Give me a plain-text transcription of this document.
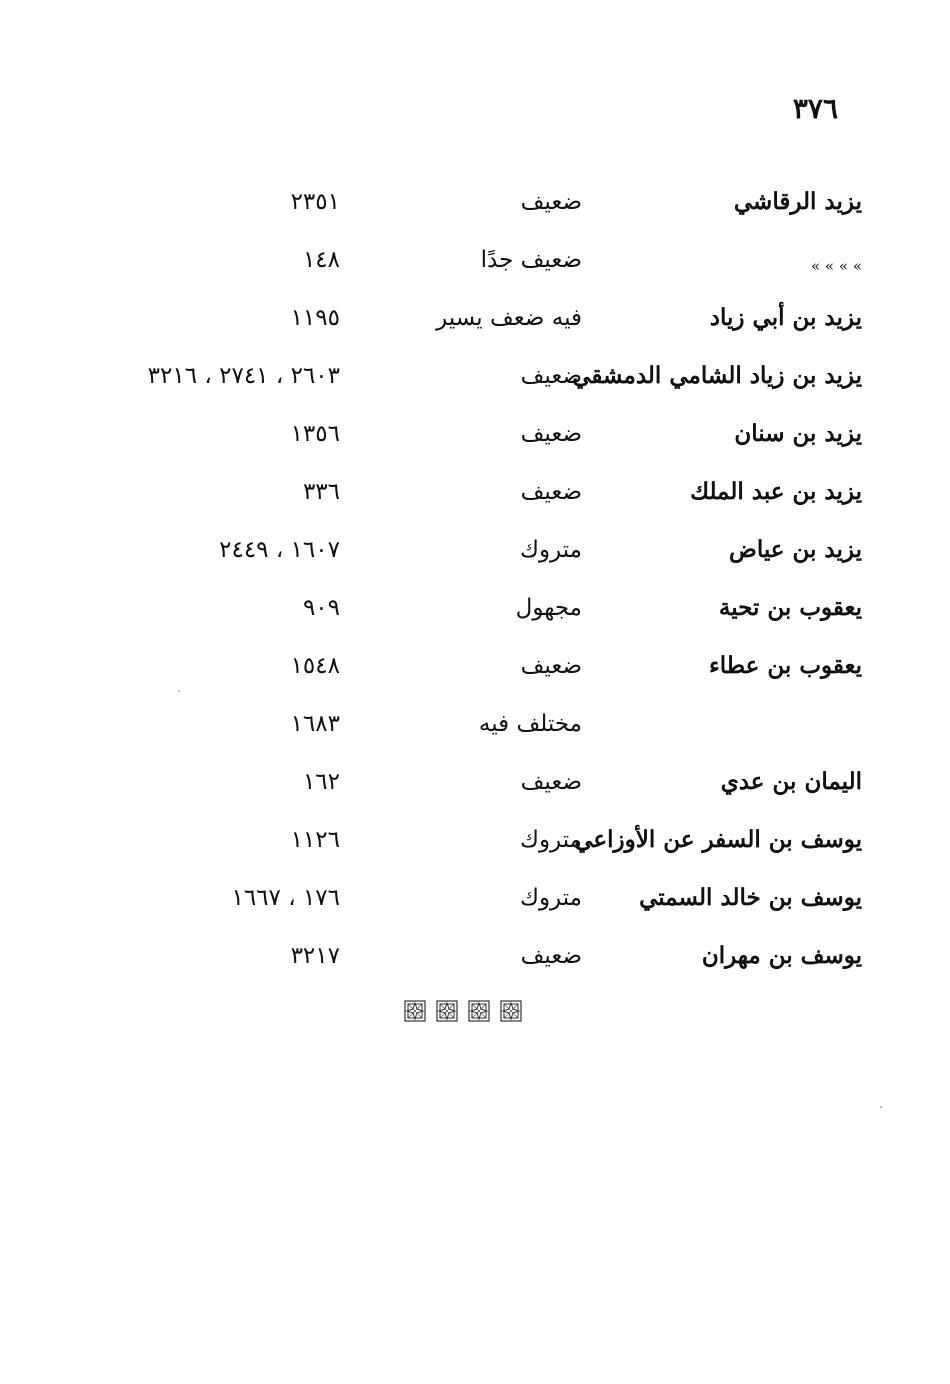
٣٧٦
يزيد الرقاشي
ضعيف
٢٣٥١
» » » »
ضعيف جدًا
١٤٨
يزيد بن أبي زياد
فيه ضعف يسير
١١٩٥
يزيد بن زياد الشامي الدمشقي
ضعيف
٢٦٠٣ ، ٢٧٤١ ، ٣٢١٦
يزيد بن سنان
ضعيف
١٣٥٦
يزيد بن عبد الملك
ضعيف
٣٣٦
يزيد بن عياض
متروك
١٦٠٧ ، ٢٤٤٩
يعقوب بن تحية
مجهول
٩٠٩
يعقوب بن عطاء
ضعيف
١٥٤٨
مختلف فيه
١٦٨٣
اليمان بن عدي
ضعيف
١٦٢
يوسف بن السفر عن الأوزاعي
متروك
١١٢٦
يوسف بن خالد السمتي
متروك
١٧٦ ، ١٦٦٧
يوسف بن مهران
ضعيف
٣٢١٧
